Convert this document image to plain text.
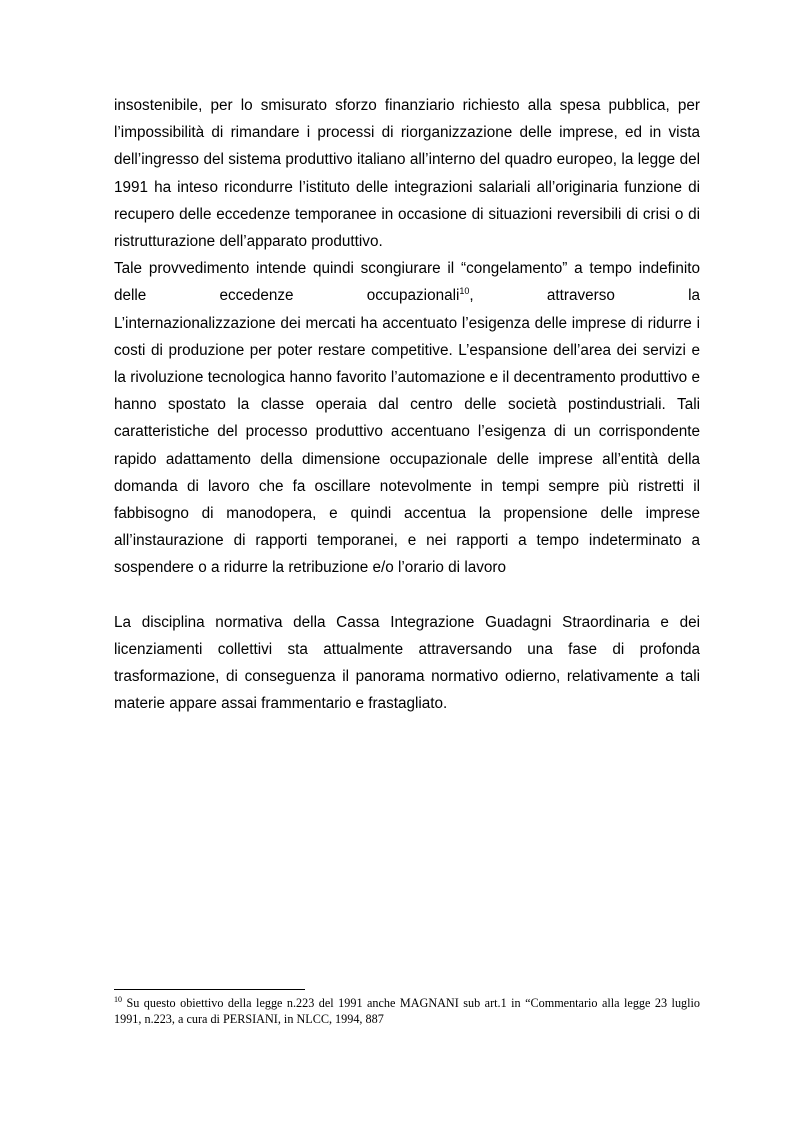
insostenibile, per lo smisurato sforzo finanziario richiesto alla spesa pubblica, per l’impossibilità di rimandare i processi di riorganizzazione delle imprese, ed in vista dell’ingresso del sistema produttivo italiano all’interno del quadro europeo, la legge del 1991 ha inteso ricondurre l’istituto delle integrazioni salariali all’originaria funzione di recupero delle eccedenze temporanee in occasione di situazioni reversibili di crisi o di ristrutturazione dell’apparato produttivo.

Tale provvedimento intende quindi scongiurare il “congelamento” a tempo indefinito delle eccedenze occupazionali$^{10}$, attraverso la

L’internazionalizzazione dei mercati ha accentuato l’esigenza delle imprese di ridurre i costi di produzione per poter restare competitive. L’espansione dell’area dei servizi e la rivoluzione tecnologica hanno favorito l’automazione e il decentramento produttivo e hanno spostato la classe operaia dal centro delle società postindustriali. Tali caratteristiche del processo produttivo accentuano l’esigenza di un corrispondente rapido adattamento della dimensione occupazionale delle imprese all’entità della domanda di lavoro che fa oscillare notevolmente in tempi sempre più ristretti il fabbisogno di manodopera, e quindi accentua la propensione delle imprese all’instaurazione di rapporti temporanei, e nei rapporti a tempo indeterminato a sospendere o a ridurre la retribuzione e/o l’orario di lavoro

La disciplina normativa della Cassa Integrazione Guadagni Straordinaria e dei licenziamenti collettivi sta attualmente attraversando una fase di profonda trasformazione, di conseguenza il panorama normativo odierno, relativamente a tali materie appare assai frammentario e frastagliato.

$^{10}$ Su questo obiettivo della legge n.223 del 1991 anche MAGNANI sub art.1 in “Commentario alla legge 23 luglio 1991, n.223, a cura di PERSIANI, in NLCC, 1994, 887
